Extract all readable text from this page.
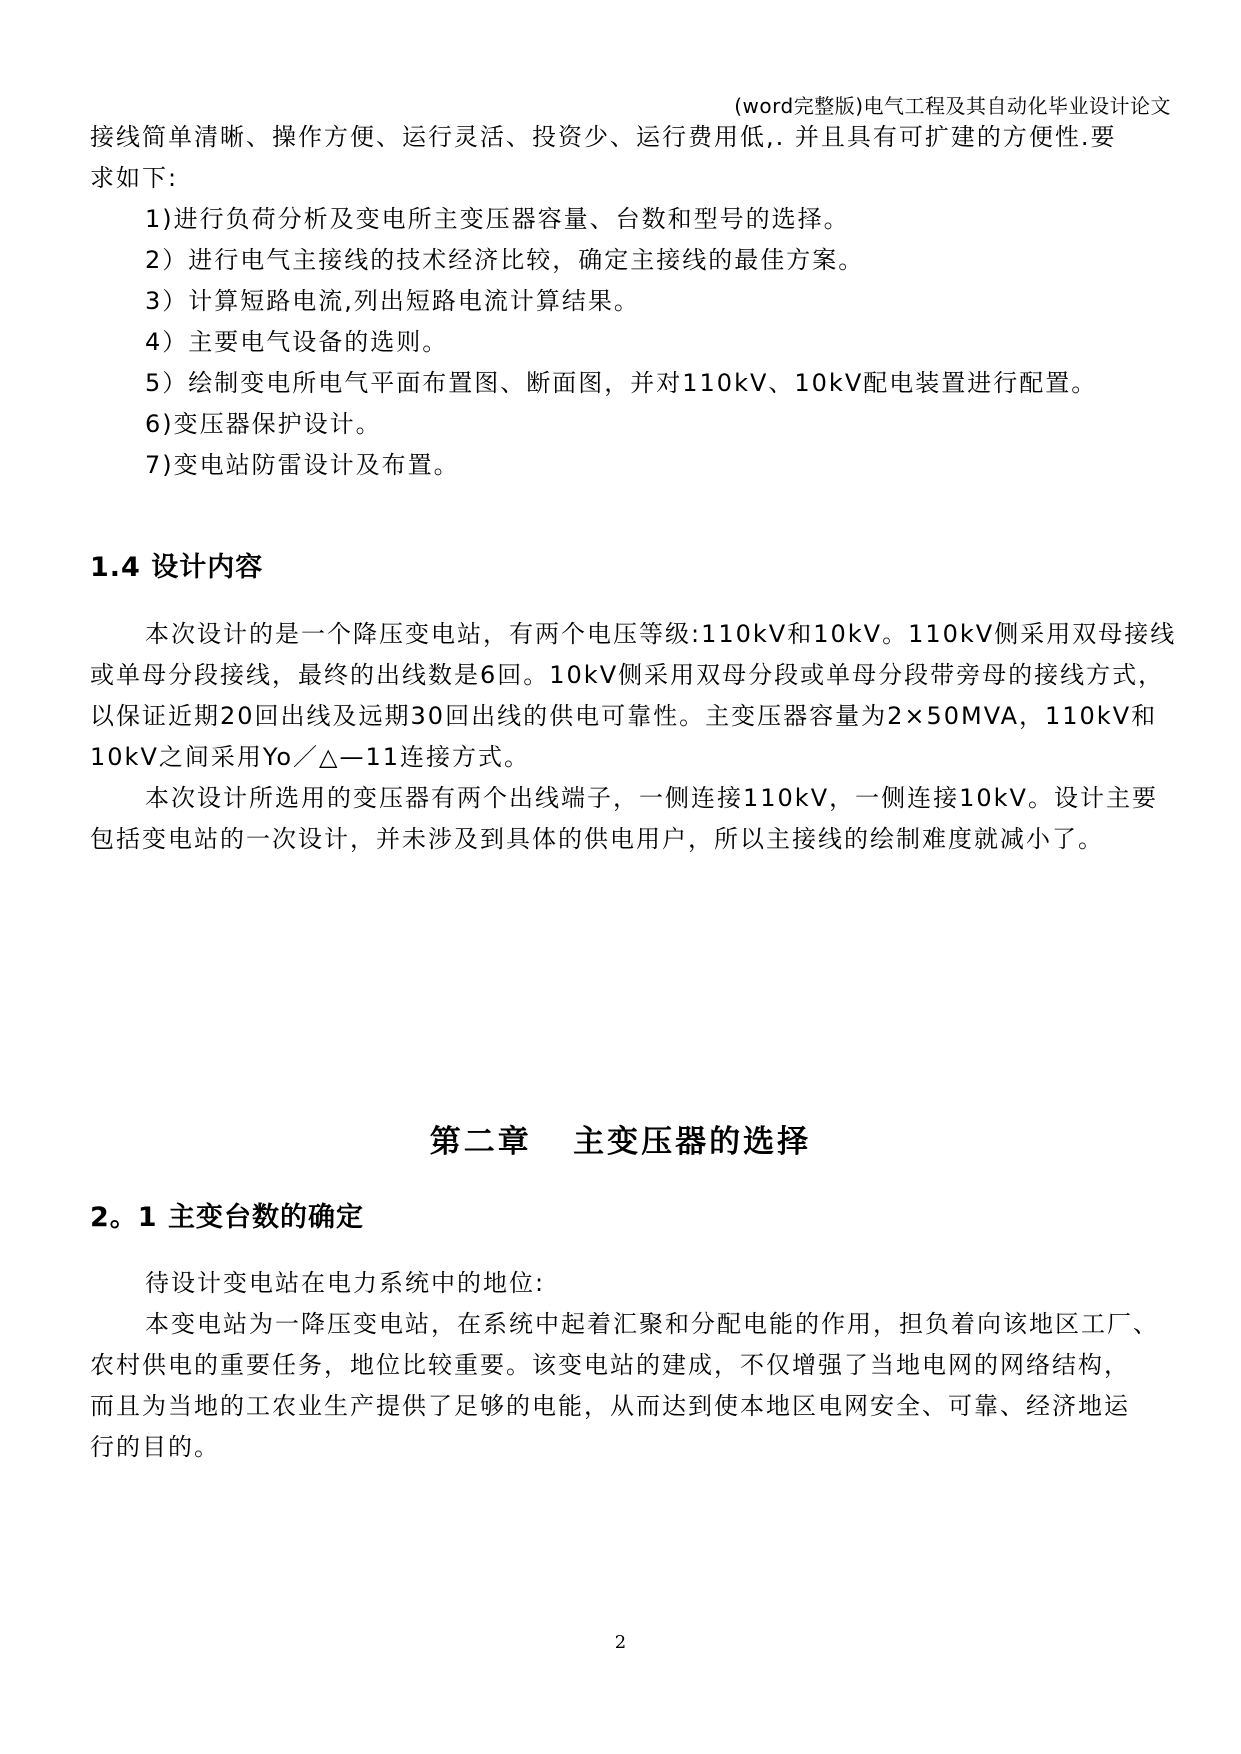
(word完整版)电气工程及其自动化毕业设计论文

接线简单清晰、操作方便、运行灵活、投资少、运行费用低,. 并且具有可扩建的方便性.要

求如下:

1)进行负荷分析及变电所主变压器容量、台数和型号的选择。

2）进行电气主接线的技术经济比较，确定主接线的最佳方案。

3）计算短路电流,列出短路电流计算结果。

4）主要电气设备的选则。

5）绘制变电所电气平面布置图、断面图，并对110kV、10kV配电装置进行配置。

6)变压器保护设计。

7)变电站防雷设计及布置。

1.4 设计内容

本次设计的是一个降压变电站，有两个电压等级:110kV和10kV。110kV侧采用双母接线

或单母分段接线，最终的出线数是6回。10kV侧采用双母分段或单母分段带旁母的接线方式，

以保证近期20回出线及远期30回出线的供电可靠性。主变压器容量为2×50MVA，110kV和

10kV之间采用Yo／△—11连接方式。

本次设计所选用的变压器有两个出线端子，一侧连接110kV，一侧连接10kV。设计主要

包括变电站的一次设计，并未涉及到具体的供电用户，所以主接线的绘制难度就减小了。

第二章   主变压器的选择
2。1 主变台数的确定

待设计变电站在电力系统中的地位:

本变电站为一降压变电站，在系统中起着汇聚和分配电能的作用，担负着向该地区工厂、

农村供电的重要任务，地位比较重要。该变电站的建成，不仅增强了当地电网的网络结构，

而且为当地的工农业生产提供了足够的电能，从而达到使本地区电网安全、可靠、经济地运

行的目的。

2
